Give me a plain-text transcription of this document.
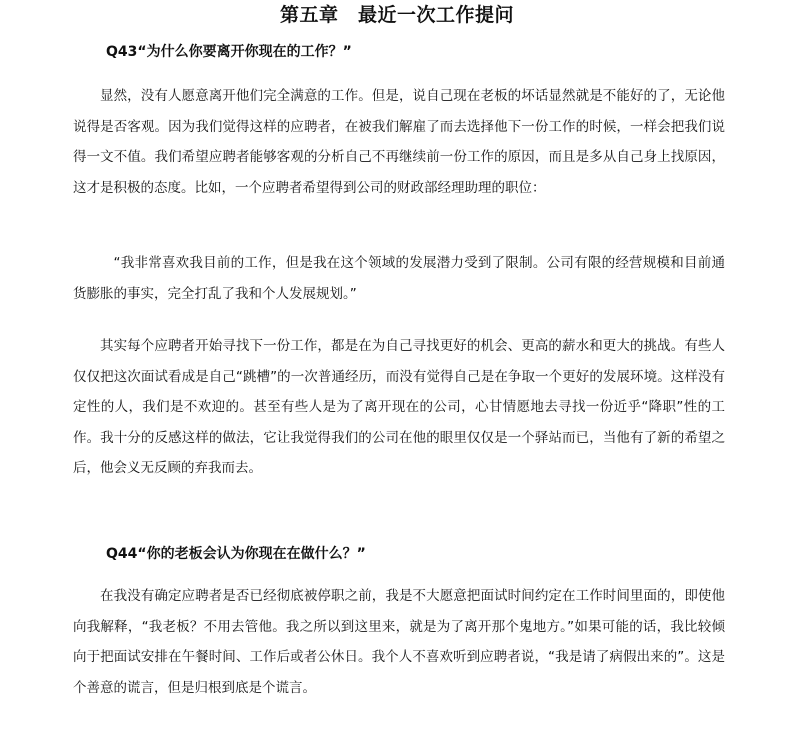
第五章　最近一次工作提问
Q43“为什么你要离开你现在的工作？”

显然，没有人愿意离开他们完全满意的工作。但是，说自己现在老板的坏话显然就是不能好的了，无论他说得是否客观。因为我们觉得这样的应聘者，在被我们解雇了而去选择他下一份工作的时候，一样会把我们说得一文不值。我们希望应聘者能够客观的分析自己不再继续前一份工作的原因，而且是多从自己身上找原因，这才是积极的态度。比如，一个应聘者希望得到公司的财政部经理助理的职位：

“我非常喜欢我目前的工作，但是我在这个领域的发展潜力受到了限制。公司有限的经营规模和目前通货膨胀的事实，完全打乱了我和个人发展规划。”

其实每个应聘者开始寻找下一份工作，都是在为自己寻找更好的机会、更高的薪水和更大的挑战。有些人仅仅把这次面试看成是自己“跳槽”的一次普通经历，而没有觉得自己是在争取一个更好的发展环境。这样没有定性的人，我们是不欢迎的。甚至有些人是为了离开现在的公司，心甘情愿地去寻找一份近乎“降职”性的工作。我十分的反感这样的做法，它让我觉得我们的公司在他的眼里仅仅是一个驿站而已，当他有了新的希望之后，他会义无反顾的弃我而去。

Q44“你的老板会认为你现在在做什么？”

在我没有确定应聘者是否已经彻底被停职之前，我是不大愿意把面试时间约定在工作时间里面的，即使他向我解释，“我老板？不用去管他。我之所以到这里来，就是为了离开那个鬼地方。”如果可能的话，我比较倾向于把面试安排在午餐时间、工作后或者公休日。我个人不喜欢听到应聘者说，“我是请了病假出来的”。这是个善意的谎言，但是归根到底是个谎言。
